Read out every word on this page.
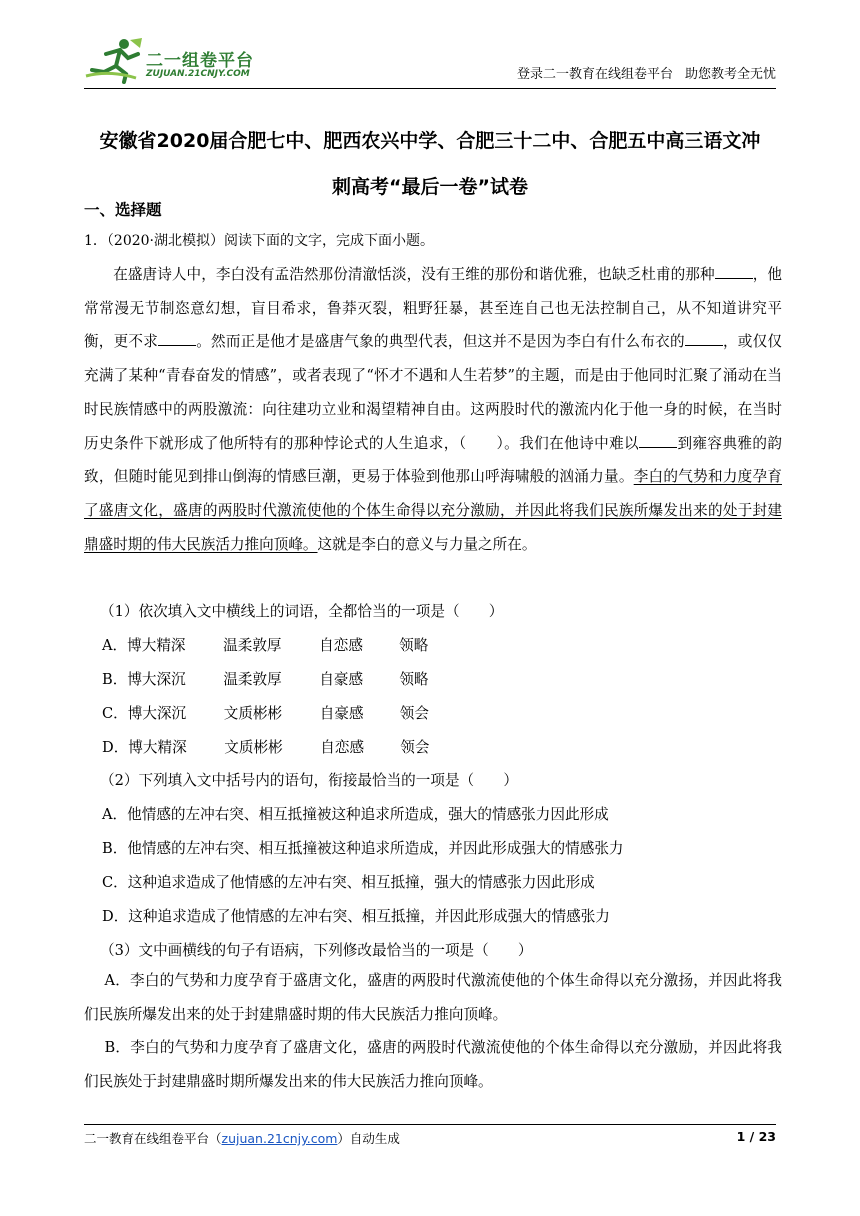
二一组卷平台
ZUJUAN.21CNJY.COM	登录二一教育在线组卷平台 助您教考全无忧
安徽省2020届合肥七中、肥西农兴中学、合肥三十二中、合肥五中高三语文冲
刺高考“最后一卷”试卷
一、选择题
1．（2020·湖北模拟）阅读下面的文字，完成下面小题。

在盛唐诗人中，李白没有孟浩然那份清澈恬淡，没有王维的那份和谐优雅，也缺乏杜甫的那种	，他常常漫无节制恣意幻想，盲目希求，鲁莽灭裂，粗野狂暴，甚至连自己也无法控制自己，从不知道讲究平衡，更不求	。然而正是他才是盛唐气象的典型代表，但这并不是因为李白有什么布衣的	，或仅仅充满了某种“青春奋发的情感”，或者表现了“怀才不遇和人生若梦”的主题，而是由于他同时汇聚了涌动在当时民族情感中的两股激流：向往建功立业和渴望精神自由。这两股时代的激流内化于他一身的时候，在当时历史条件下就形成了他所特有的那种悖论式的人生追求，（　　）。我们在他诗中难以	到雍容典雅的韵致，但随时能见到排山倒海的情感巨潮，更易于体验到他那山呼海啸般的汹涌力量。李白的气势和力度孕育了盛唐文化，盛唐的两股时代激流使他的个体生命得以充分激励，并因此将我们民族所爆发出来的处于封建鼎盛时期的伟大民族活力推向顶峰。这就是李白的意义与力量之所在。

（1）依次填入文中横线上的词语，全都恰当的一项是（　　）
A．博大精深	温柔敦厚	自恋感 领略
B．博大深沉	温柔敦厚	自豪感 领略
C．博大深沉	文质彬彬	自豪感 领会
D．博大精深	文质彬彬	自恋感 领会
（2）下列填入文中括号内的语句，衔接最恰当的一项是（　　）
A．他情感的左冲右突、相互抵撞被这种追求所造成，强大的情感张力因此形成
B．他情感的左冲右突、相互抵撞被这种追求所造成，并因此形成强大的情感张力
C．这种追求造成了他情感的左冲右突、相互抵撞，强大的情感张力因此形成
D．这种追求造成了他情感的左冲右突、相互抵撞，并因此形成强大的情感张力
（3）文中画横线的句子有语病，下列修改最恰当的一项是（　　）

A．李白的气势和力度孕育于盛唐文化，盛唐的两股时代激流使他的个体生命得以充分激扬，并因此将我们民族所爆发出来的处于封建鼎盛时期的伟大民族活力推向顶峰。

B．李白的气势和力度孕育了盛唐文化，盛唐的两股时代激流使他的个体生命得以充分激励，并因此将我们民族处于封建鼎盛时期所爆发出来的伟大民族活力推向顶峰。

二一教育在线组卷平台（zujuan.21cnjy.com）自动生成	1 / 23
